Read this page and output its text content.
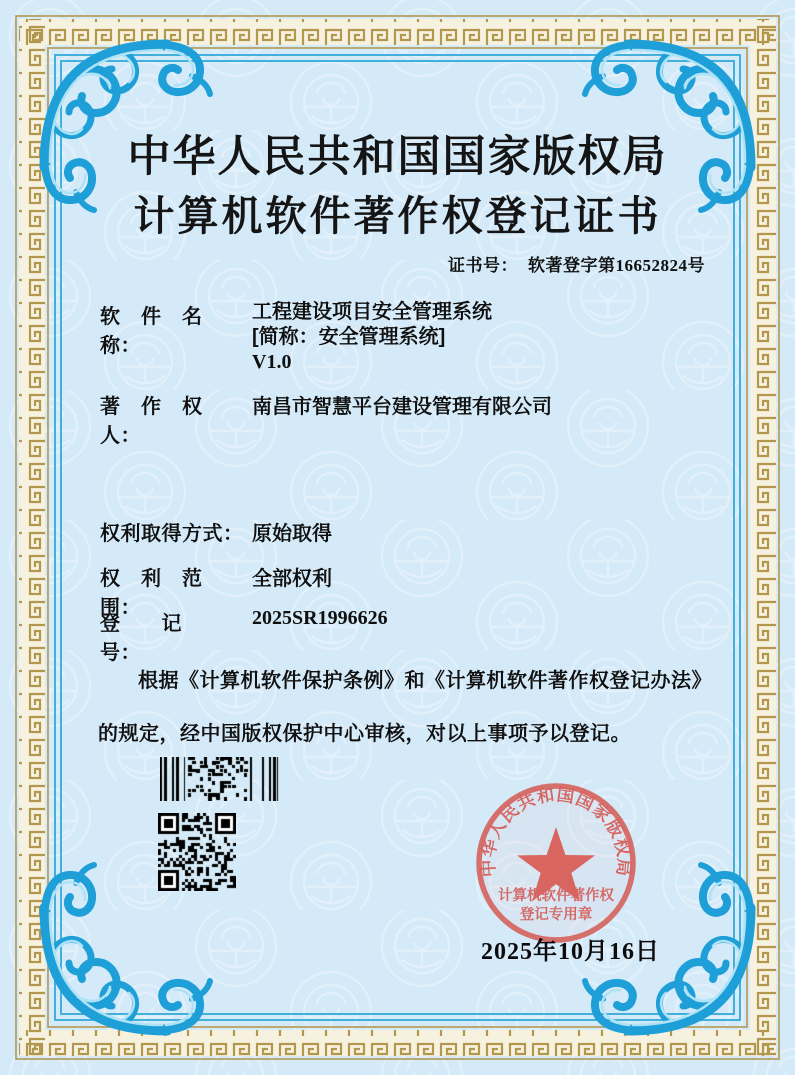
中华人民共和国国家版权局
计算机软件著作权登记证书
证书号： 软著登字第16652824号
软　件　名　称：
工程建设项目安全管理系统
[简称：安全管理系统]
V1.0
著　作　权　人：
南昌市智慧平台建设管理有限公司
权利取得方式： 原始取得
权　利　范　围：
全部权利
登　　记　　号：
2025SR1996626
根据《计算机软件保护条例》和《计算机软件著作权登记办法》的规定，经中国版权保护中心审核，对以上事项予以登记。
中华人民共和国国家版权局
计算机软件著作权
登记专用章
2025年10月16日
